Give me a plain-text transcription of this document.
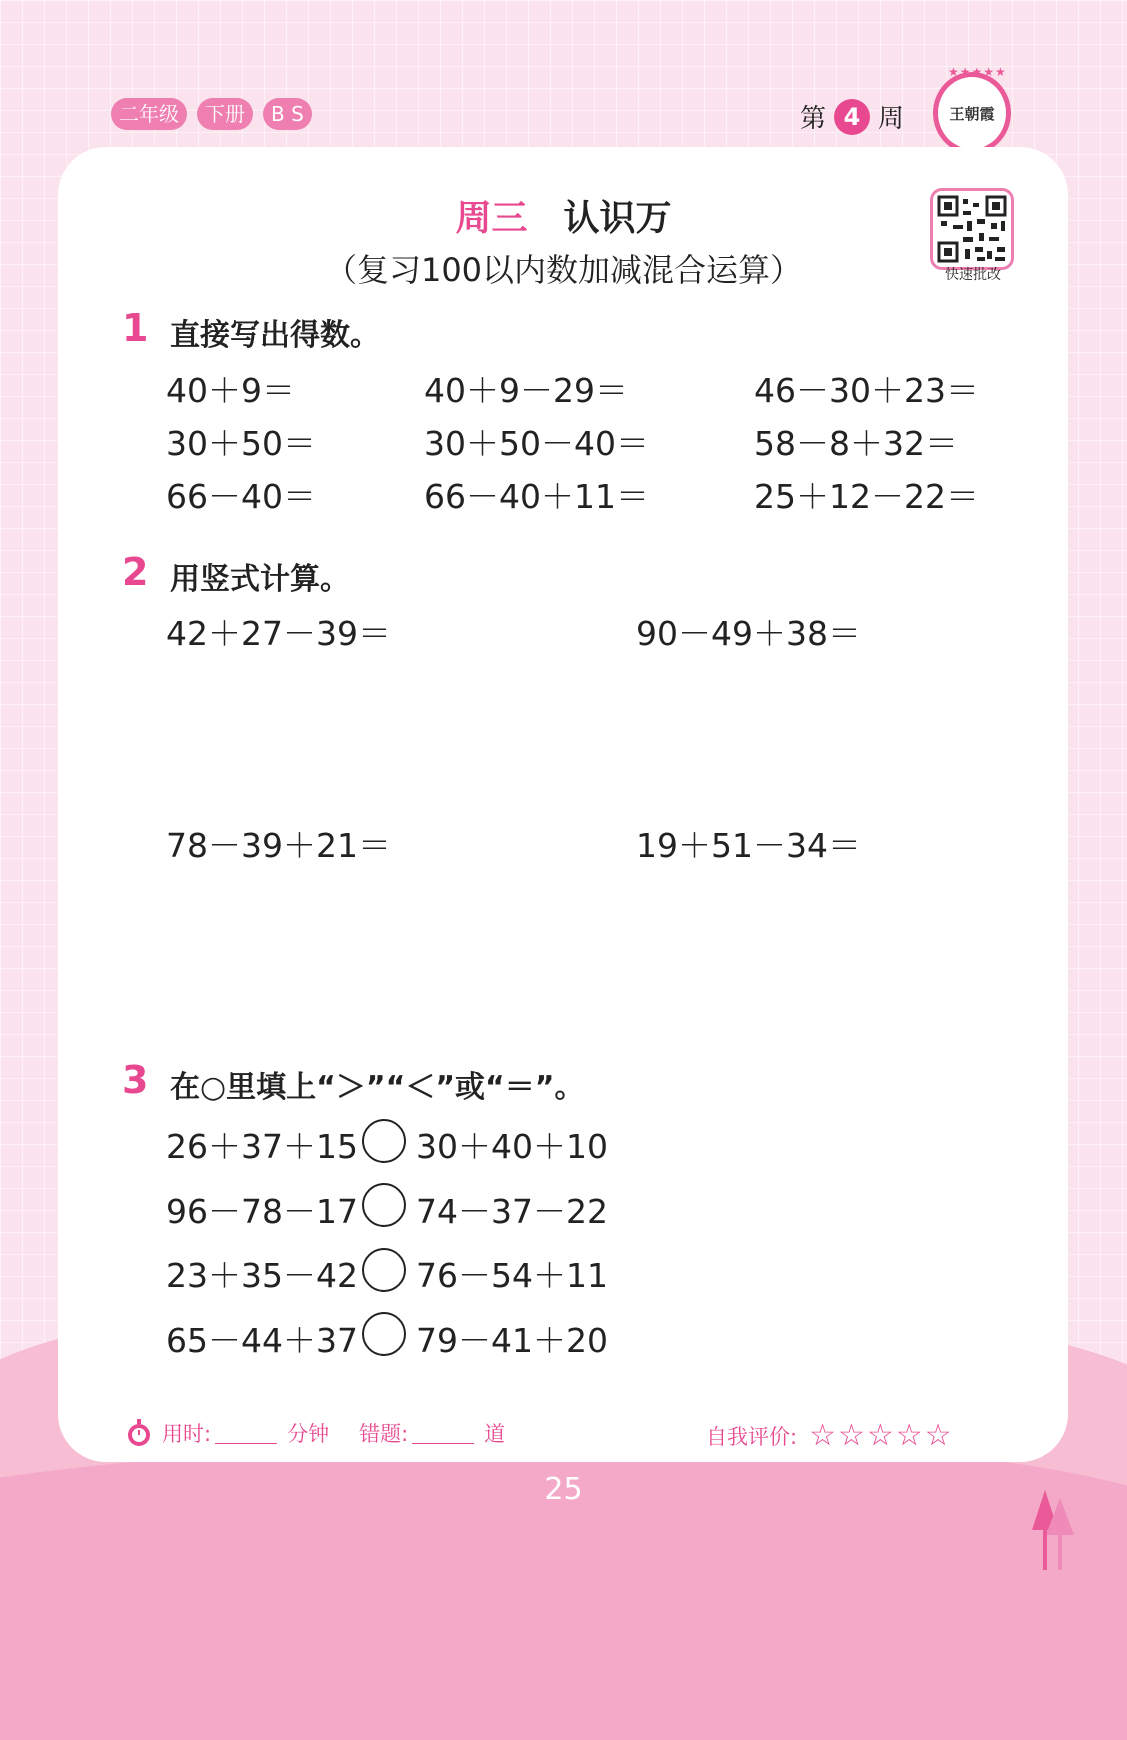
二年级	下册	B S	第 4 周
★★★★★
王朝霞
周三 认识万
（复习100以内数加减混合运算）	快速批改
1 直接写出得数。
40＋9＝	40＋9－29＝	46－30＋23＝
30＋50＝	30＋50－40＝	58－8＋32＝
66－40＝	66－40＋11＝	25＋12－22＝
2 用竖式计算。
42＋27－39＝	90－49＋38＝
78－39＋21＝	19＋51－34＝
3 在○里填上“＞”“＜”或“＝”。
26＋37＋15 30＋40＋10
96－78－17 74－37－22
23＋35－42 76－54＋11
65－44＋37 79－41＋20
用时:	分钟 错题:	道	自我评价: ☆☆☆☆☆
25
